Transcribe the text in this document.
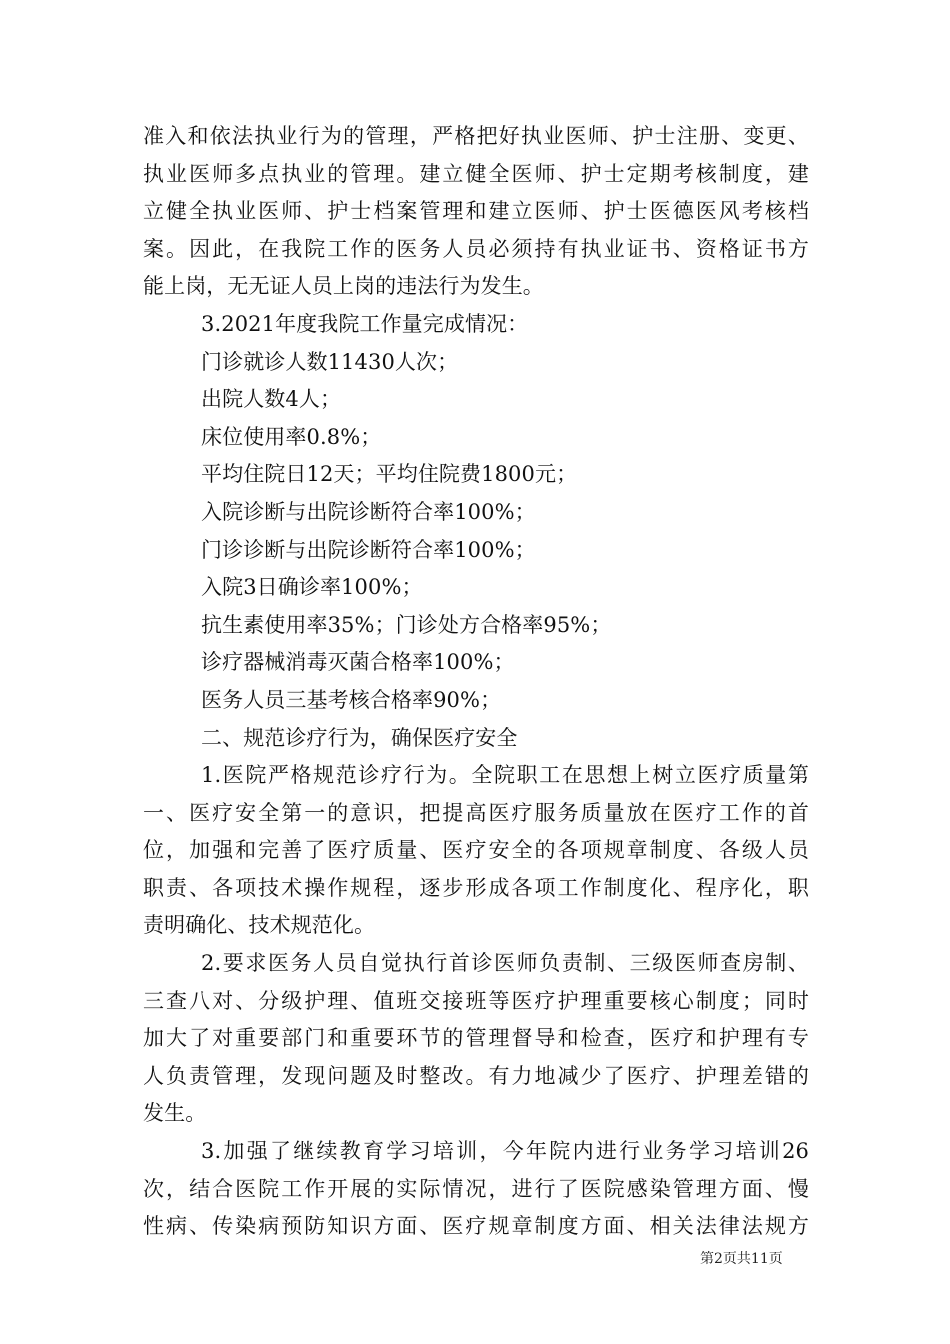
准入和依法执业行为的管理，严格把好执业医师、护士注册、变更、
执业医师多点执业的管理。建立健全医师、护士定期考核制度，建
立健全执业医师、护士档案管理和建立医师、护士医德医风考核档
案。因此，在我院工作的医务人员必须持有执业证书、资格证书方
能上岗，无无证人员上岗的违法行为发生。
3.2021年度我院工作量完成情况：
门诊就诊人数11430人次；
出院人数4人；
床位使用率0.8%；
平均住院日12天；平均住院费1800元；
入院诊断与出院诊断符合率100%；
门诊诊断与出院诊断符合率100%；
入院3日确诊率100%；
抗生素使用率35%；门诊处方合格率95%；
诊疗器械消毒灭菌合格率100%；
医务人员三基考核合格率90%；
二、规范诊疗行为，确保医疗安全
1.医院严格规范诊疗行为。全院职工在思想上树立医疗质量第
一、医疗安全第一的意识，把提高医疗服务质量放在医疗工作的首
位，加强和完善了医疗质量、医疗安全的各项规章制度、各级人员
职责、各项技术操作规程，逐步形成各项工作制度化、程序化，职
责明确化、技术规范化。
2.要求医务人员自觉执行首诊医师负责制、三级医师查房制、
三查八对、分级护理、值班交接班等医疗护理重要核心制度；同时
加大了对重要部门和重要环节的管理督导和检查，医疗和护理有专
人负责管理，发现问题及时整改。有力地减少了医疗、护理差错的
发生。
3.加强了继续教育学习培训，今年院内进行业务学习培训26
次，结合医院工作开展的实际情况，进行了医院感染管理方面、慢
性病、传染病预防知识方面、医疗规章制度方面、相关法律法规方
第2页共11页
